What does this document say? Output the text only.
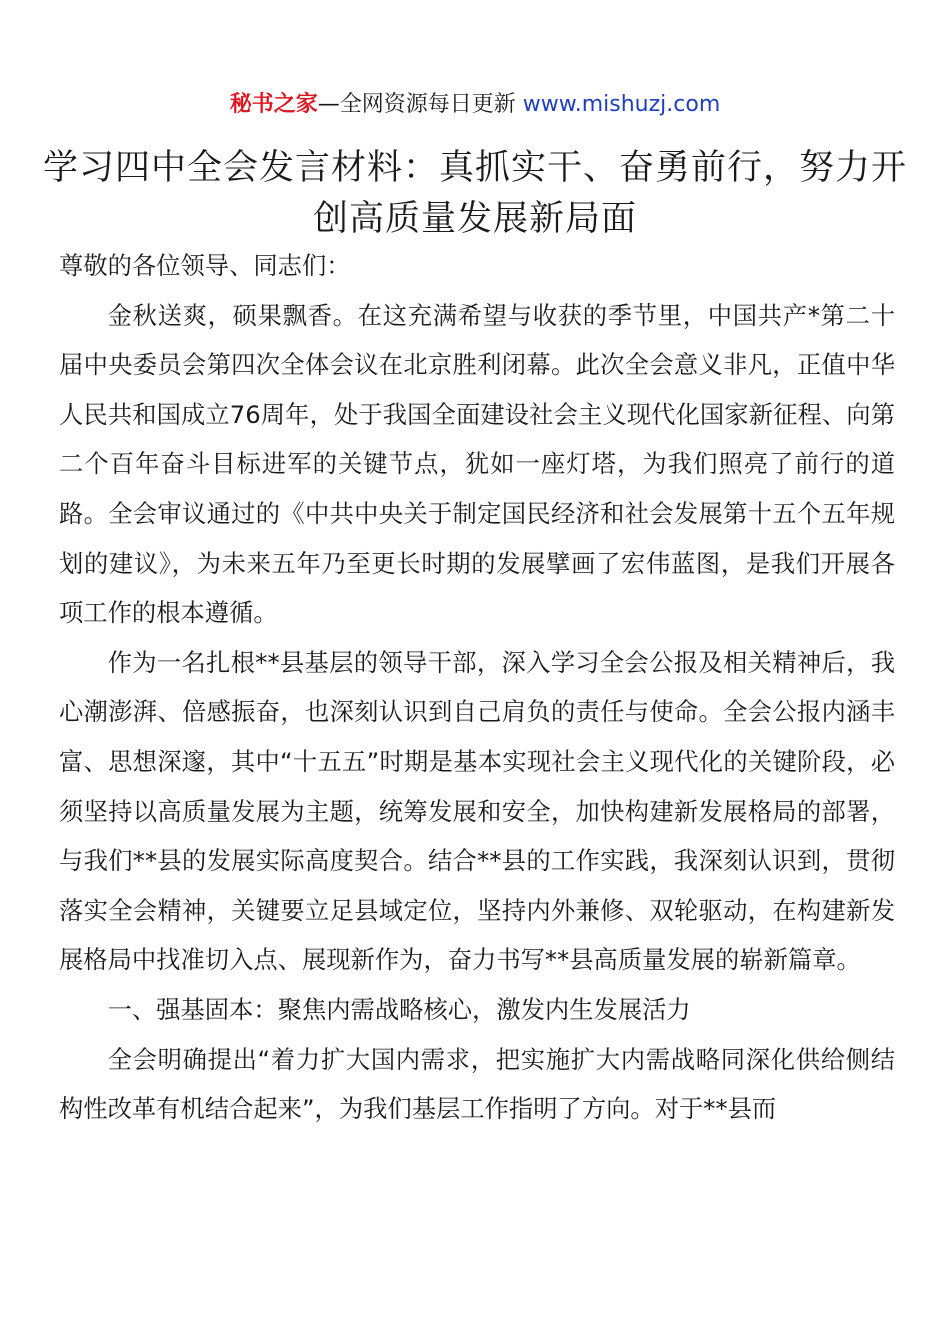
秘书之家—全网资源每日更新 www.mishuzj.com
学习四中全会发言材料：真抓实干、奋勇前行，努力开创高质量发展新局面

尊敬的各位领导、同志们：

金秋送爽，硕果飘香。在这充满希望与收获的季节里，中国共产*第二十届中央委员会第四次全体会议在北京胜利闭幕。此次全会意义非凡，正值中华人民共和国成立76周年，处于我国全面建设社会主义现代化国家新征程、向第二个百年奋斗目标进军的关键节点，犹如一座灯塔，为我们照亮了前行的道路。全会审议通过的《中共中央关于制定国民经济和社会发展第十五个五年规划的建议》，为未来五年乃至更长时期的发展擘画了宏伟蓝图，是我们开展各项工作的根本遵循。

作为一名扎根**县基层的领导干部，深入学习全会公报及相关精神后，我心潮澎湃、倍感振奋，也深刻认识到自己肩负的责任与使命。全会公报内涵丰富、思想深邃，其中“十五五”时期是基本实现社会主义现代化的关键阶段，必须坚持以高质量发展为主题，统筹发展和安全，加快构建新发展格局的部署，与我们**县的发展实际高度契合。结合**县的工作实践，我深刻认识到，贯彻落实全会精神，关键要立足县域定位，坚持内外兼修、双轮驱动，在构建新发展格局中找准切入点、展现新作为，奋力书写**县高质量发展的崭新篇章。

一、强基固本：聚焦内需战略核心，激发内生发展活力

全会明确提出“着力扩大国内需求，把实施扩大内需战略同深化供给侧结构性改革有机结合起来”，为我们基层工作指明了方向。对于**县而
